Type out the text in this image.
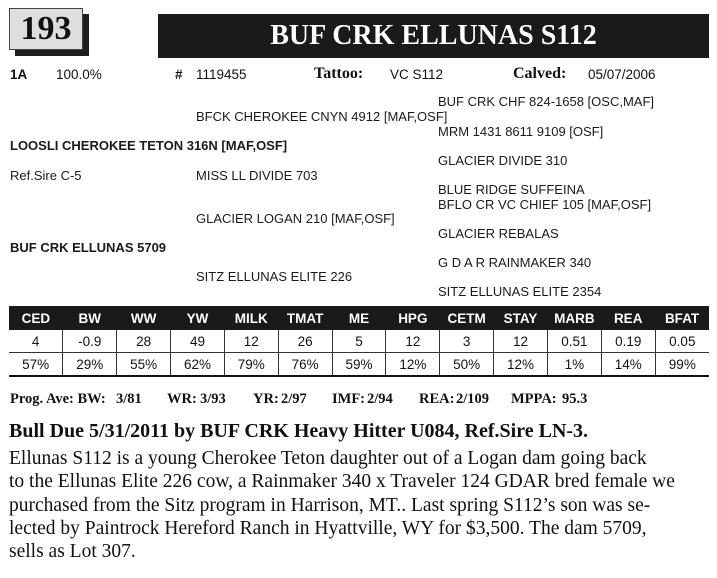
193	BUF CRK ELLUNAS S112
1A 100.0%	# 1119455	Tattoo: VC S112	Calved: 05/07/2006
BUF CRK CHF 824-1658 [OSC,MAF]
BFCK CHEROKEE CNYN 4912 [MAF,OSF]
MRM 1431 8611 9109 [OSF]
LOOSLI CHEROKEE TETON 316N [MAF,OSF]
GLACIER DIVIDE 310
Ref.Sire C-5	MISS LL DIVIDE 703
BLUE RIDGE SUFFEINA
BFLO CR VC CHIEF 105 [MAF,OSF]
GLACIER LOGAN 210 [MAF,OSF]
GLACIER REBALAS
BUF CRK ELLUNAS 5709
G D A R RAINMAKER 340
SITZ ELLUNAS ELITE 226
SITZ ELLUNAS ELITE 2354
CED	BW	WW	YW	MILK	TMAT	ME	HPG	CETM	STAY	MARB	REA	BFAT
4	-0.9	28	49	12	26	5	12	3	12	0.51	0.19	0.05
57%	29%	55%	62%	79%	76%	59%	12%	50%	12%	1%	14%	99%
Prog. Ave: BW: 3/81 WR: 3/93 YR: 2/97 IMF: 2/94 REA: 2/109 MPPA: 95.3
Bull Due 5/31/2011 by BUF CRK Heavy Hitter U084, Ref.Sire LN-3.
Ellunas S112 is a young Cherokee Teton daughter out of a Logan dam going back
to the Ellunas Elite 226 cow, a Rainmaker 340 x Traveler 124 GDAR bred female we
purchased from the Sitz program in Harrison, MT.. Last spring S112’s son was se-
lected by Paintrock Hereford Ranch in Hyattville, WY for $3,500. The dam 5709,
sells as Lot 307.
